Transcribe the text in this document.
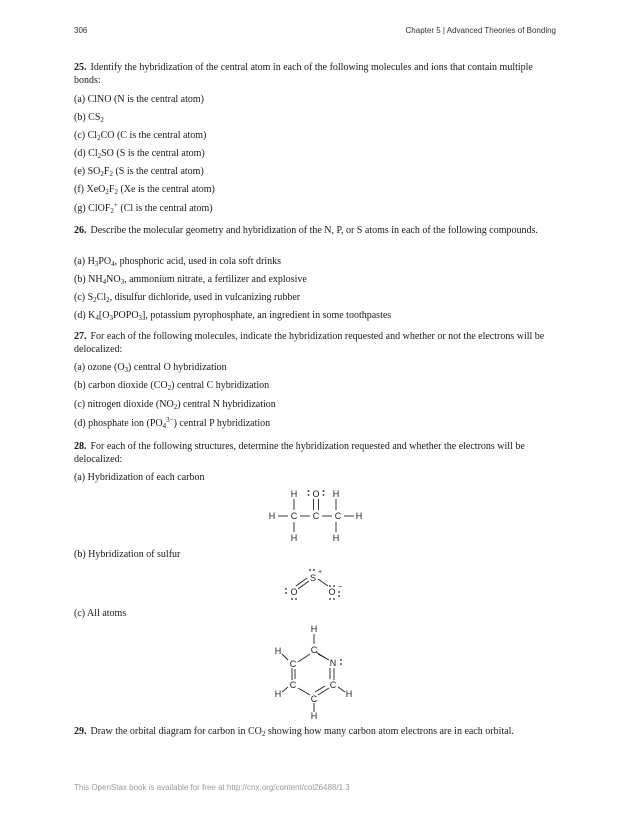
306	Chapter 5 | Advanced Theories of Bonding
25. Identify the hybridization of the central atom in each of the following molecules and ions that contain multiple bonds:
(a) ClNO (N is the central atom)
(b) $CS_2$
(c) $Cl_2CO$ (C is the central atom)
(d) $Cl_2SO$ (S is the central atom)
(e) $SO_2F_2$ (S is the central atom)
(f) $XeO_2F_2$ (Xe is the central atom)
(g) ClOF$_2$+ (Cl is the central atom)
26. Describe the molecular geometry and hybridization of the N, P, or S atoms in each of the following compounds.
(a) $H_3PO_4$, phosphoric acid, used in cola soft drinks
(b) $NH_4NO_3$, ammonium nitrate, a fertilizer and explosive
(c) $S_2Cl_2$, disulfur dichloride, used in vulcanizing rubber
(d) $K_4[O_3POPO_3]$, potassium pyrophosphate, an ingredient in some toothpastes
27. For each of the following molecules, indicate the hybridization requested and whether or not the electrons will be delocalized:
(a) ozone $(O_3)$ central O hybridization
(b) carbon dioxide $(CO_2)$ central C hybridization
(c) nitrogen dioxide $(NO_2)$ central N hybridization
(d) phosphate ion $(PO_4^{3-})$ central P hybridization
28. For each of the following structures, determine the hybridization requested and whether the electrons will be delocalized:
(a) Hybridization of each carbon
H C C C H
H O H
H	H
(b) Hybridization of sulfur
S
O	O
+
−
(c) All atoms
H
C
C	N
C	C
C
H
H	H
H
29. Draw the orbital diagram for carbon in $CO_2$ showing how many carbon atom electrons are in each orbital.
This OpenStax book is available for free at http://cnx.org/content/col26488/1.3
